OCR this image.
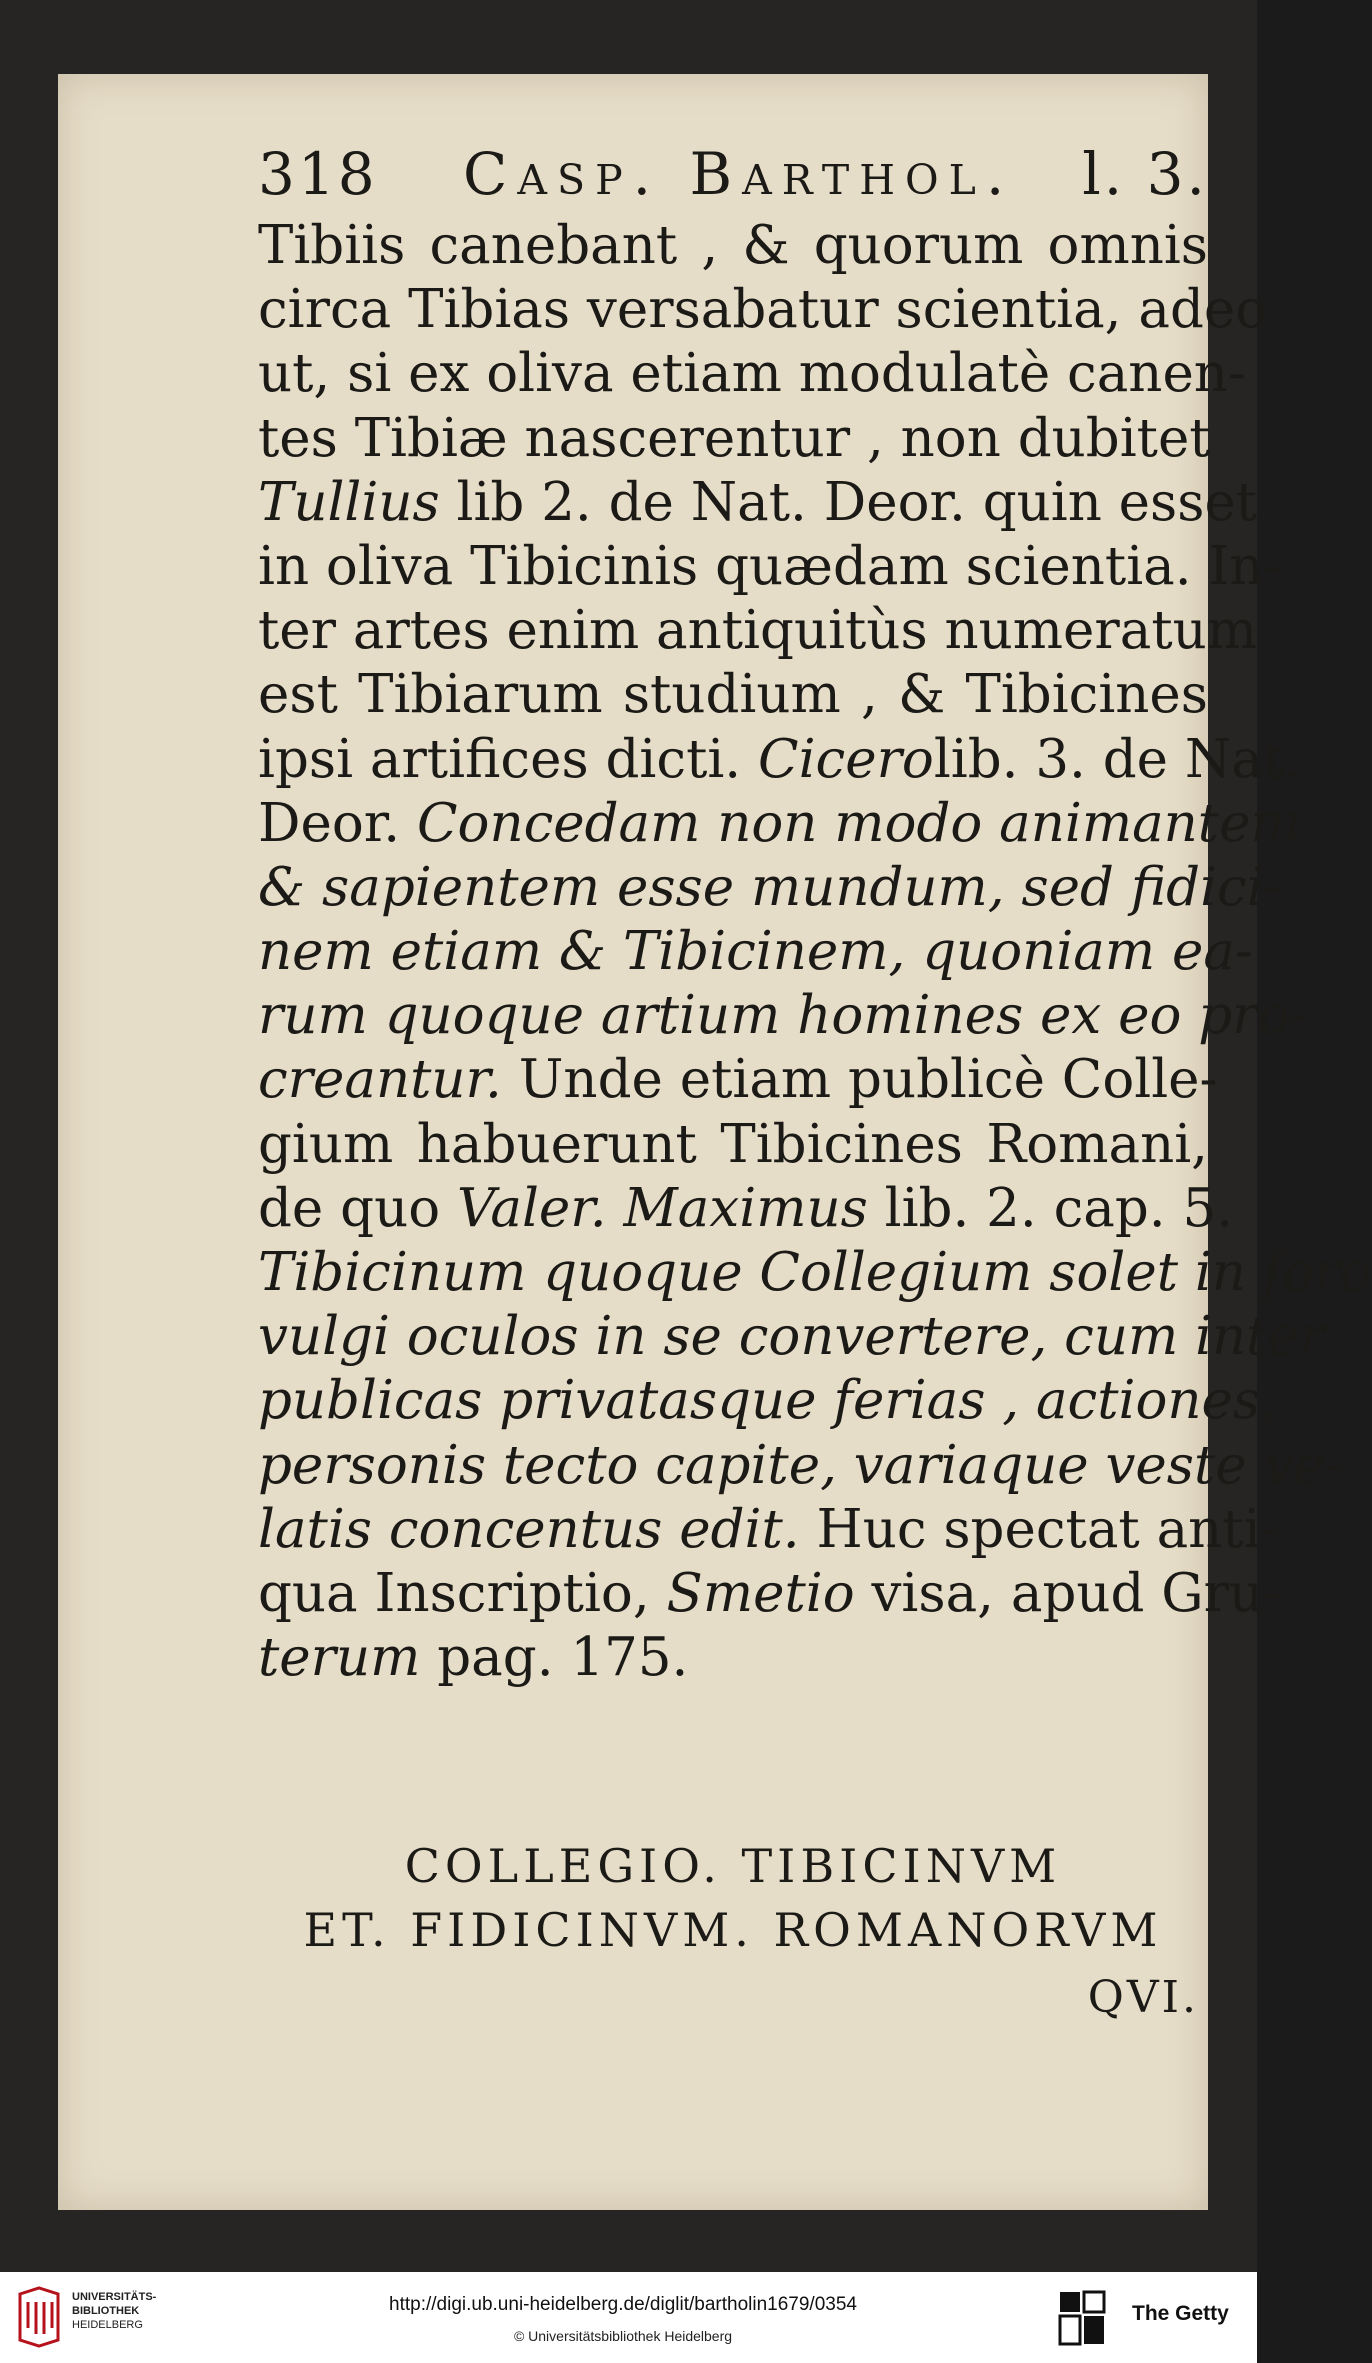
318 Casp. Barthol. l. 3.
Tibiis canebant , & quorum omnis
circa Tibias versabatur scientia, adeo
ut, si ex oliva etiam modulatè canen-
tes Tibiæ nascerentur , non dubitet
Tullius lib 2. de Nat. Deor. quin esset
in oliva Tibicinis quædam scientia. In-
ter artes enim antiquitùs numeratum
est Tibiarum studium , & Tibicines
ipsi artifices dicti. Cicerolib. 3. de Nat.
Deor. Concedam non modo animantem
& sapientem esse mundum, sed fidici-
nem etiam & Tibicinem, quoniam ea-
rum quoque artium homines ex eo pro-
creantur. Unde etiam publicè Colle-
gium habuerunt Tibicines Romani,
de quo Valer. Maximus lib. 2. cap. 5.
Tibicinum quoque Collegium solet in foro
vulgi oculos in se convertere, cum inter
publicas privatasque ferias , actiones,
personis tecto capite, variaque veste ve-
latis concentus edit. Huc spectat anti-
qua Inscriptio, Smetio visa, apud Gru-
terum pag. 175.
COLLEGIO. TIBICINVM
ET. FIDICINVM. ROMANORVM
QVI.
UNIVERSITÄTS-
BIBLIOTHEK
HEIDELBERG
http://digi.ub.uni-heidelberg.de/diglit/bartholin1679/0354
© Universitätsbibliothek Heidelberg
The Getty
